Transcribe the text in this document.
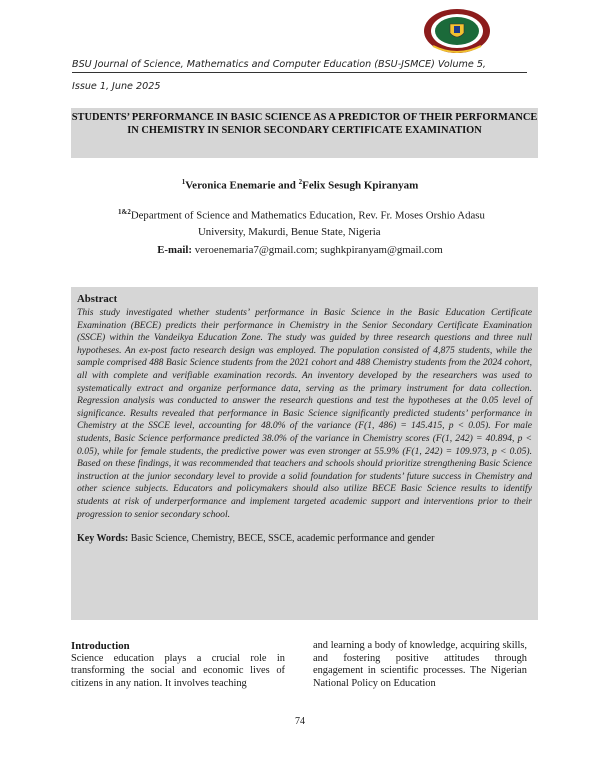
BSU Journal of Science, Mathematics and Computer Education (BSU-JSMCE) Volume 5,
Issue 1, June 2025
STUDENTS’ PERFORMANCE IN BASIC SCIENCE AS A PREDICTOR OF THEIR PERFORMANCE IN CHEMISTRY IN SENIOR SECONDARY CERTIFICATE EXAMINATION
$^1$Veronica Enemarie and $^2$Felix Sesugh Kpiranyam
$^{1\&2}$Department of Science and Mathematics Education, Rev. Fr. Moses Orshio Adasu
University, Makurdi, Benue State, Nigeria
E-mail: veroenemaria7@gmail.com; sughkpiranyam@gmail.com
Abstract
This study investigated whether students’ performance in Basic Science in the Basic Education Certificate Examination (BECE) predicts their performance in Chemistry in the Senior Secondary Certificate Examination (SSCE) within the Vandeikya Education Zone. The study was guided by three research questions and three null hypotheses. An ex-post facto research design was employed. The population consisted of 4,875 students, while the sample comprised 488 Basic Science students from the 2021 cohort and 488 Chemistry students from the 2024 cohort, all with complete and verifiable examination records. An inventory developed by the researchers was used to systematically extract and organize performance data, serving as the primary instrument for data collection. Regression analysis was conducted to answer the research questions and test the hypotheses at the 0.05 level of significance. Results revealed that performance in Basic Science significantly predicted students’ performance in Chemistry at the SSCE level, accounting for 48.0% of the variance (F(1, 486) = 145.415, p < 0.05). For male students, Basic Science performance predicted 38.0% of the variance in Chemistry scores (F(1, 242) = 40.894, p < 0.05), while for female students, the predictive power was even stronger at 55.9% (F(1, 242) = 109.973, p < 0.05). Based on these findings, it was recommended that teachers and schools should prioritize strengthening Basic Science instruction at the junior secondary level to provide a solid foundation for students’ future success in Chemistry and other science subjects. Educators and policymakers should also utilize BECE Basic Science results to identify students at risk of underperformance and implement targeted academic support and interventions prior to their progression to senior secondary school.
Key Words: Basic Science, Chemistry, BECE, SSCE, academic performance and gender
Introduction
Science education plays a crucial role in transforming the social and economic lives of citizens in any nation. It involves teaching
and learning a body of knowledge, acquiring skills, and fostering positive attitudes through engagement in scientific processes. The Nigerian National Policy on Education
74
